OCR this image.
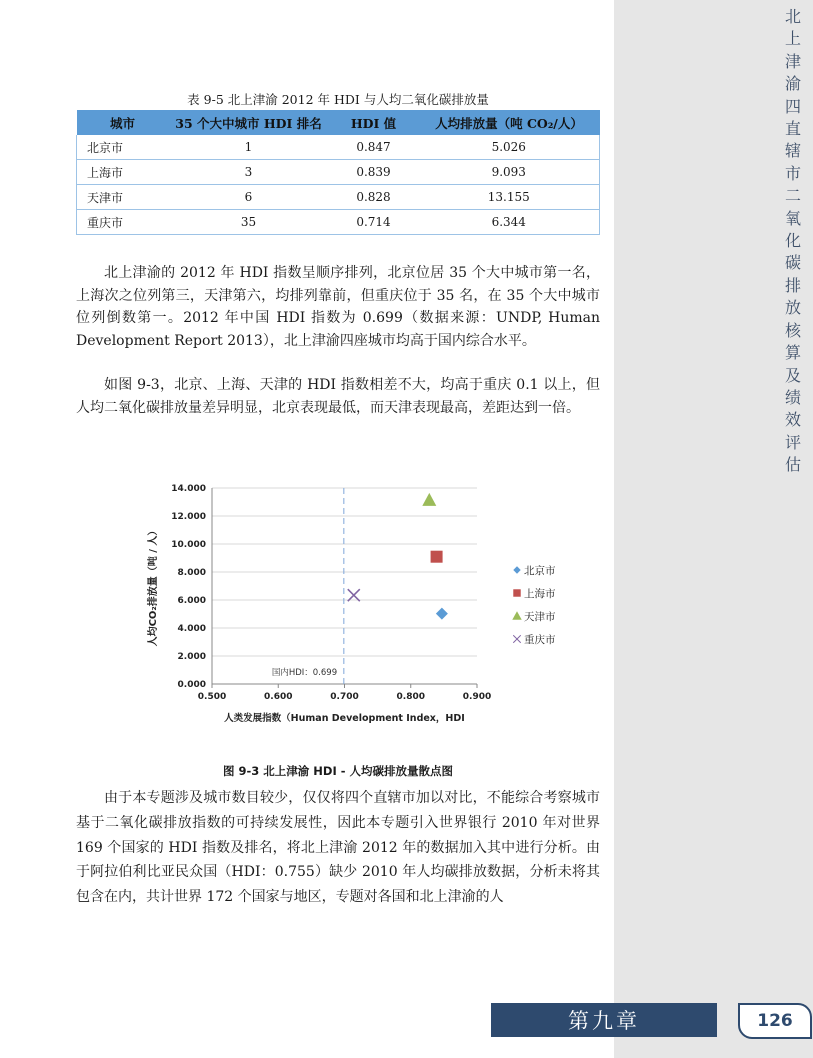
北上津渝四直辖市二氧化碳排放核算及绩效评估
表 9-5 北上津渝 2012 年 HDI 与人均二氧化碳排放量
城市	35 个大中城市 HDI 排名	HDI 值	人均排放量（吨 CO₂/人）
北京市	1	0.847	5.026
上海市	3	0.839	9.093
天津市	6	0.828	13.155
重庆市	35	0.714	6.344

北上津渝的 2012 年 HDI 指数呈顺序排列，北京位居 35 个大中城市第一名，上海次之位列第三，天津第六，均排列靠前，但重庆位于 35 名，在 35 个大中城市位列倒数第一。2012 年中国 HDI 指数为 0.699（数据来源：UNDP, Human Development Report 2013），北上津渝四座城市均高于国内综合水平。

如图 9-3，北京、上海、天津的 HDI 指数相差不大，均高于重庆 0.1 以上，但人均二氧化碳排放量差异明显，北京表现最低，而天津表现最高，差距达到一倍。

0.000
2.000
4.000
6.000
8.000
10.000
12.000
14.000
0.500	0.600	0.700	0.800	0.900
国内HDI：0.699
北京市
上海市
天津市
重庆市
人类发展指数（Human Development Index，HDI
人均CO₂排放量（吨 / 人）
图 9-3 北上津渝 HDI - 人均碳排放量散点图

由于本专题涉及城市数目较少，仅仅将四个直辖市加以对比，不能综合考察城市基于二氧化碳排放指数的可持续发展性，因此本专题引入世界银行 2010 年对世界 169 个国家的 HDI 指数及排名，将北上津渝 2012 年的数据加入其中进行分析。由于阿拉伯利比亚民众国（HDI：0.755）缺少 2010 年人均碳排放数据，分析未将其包含在内，共计世界 172 个国家与地区，专题对各国和北上津渝的人

第九章	126
